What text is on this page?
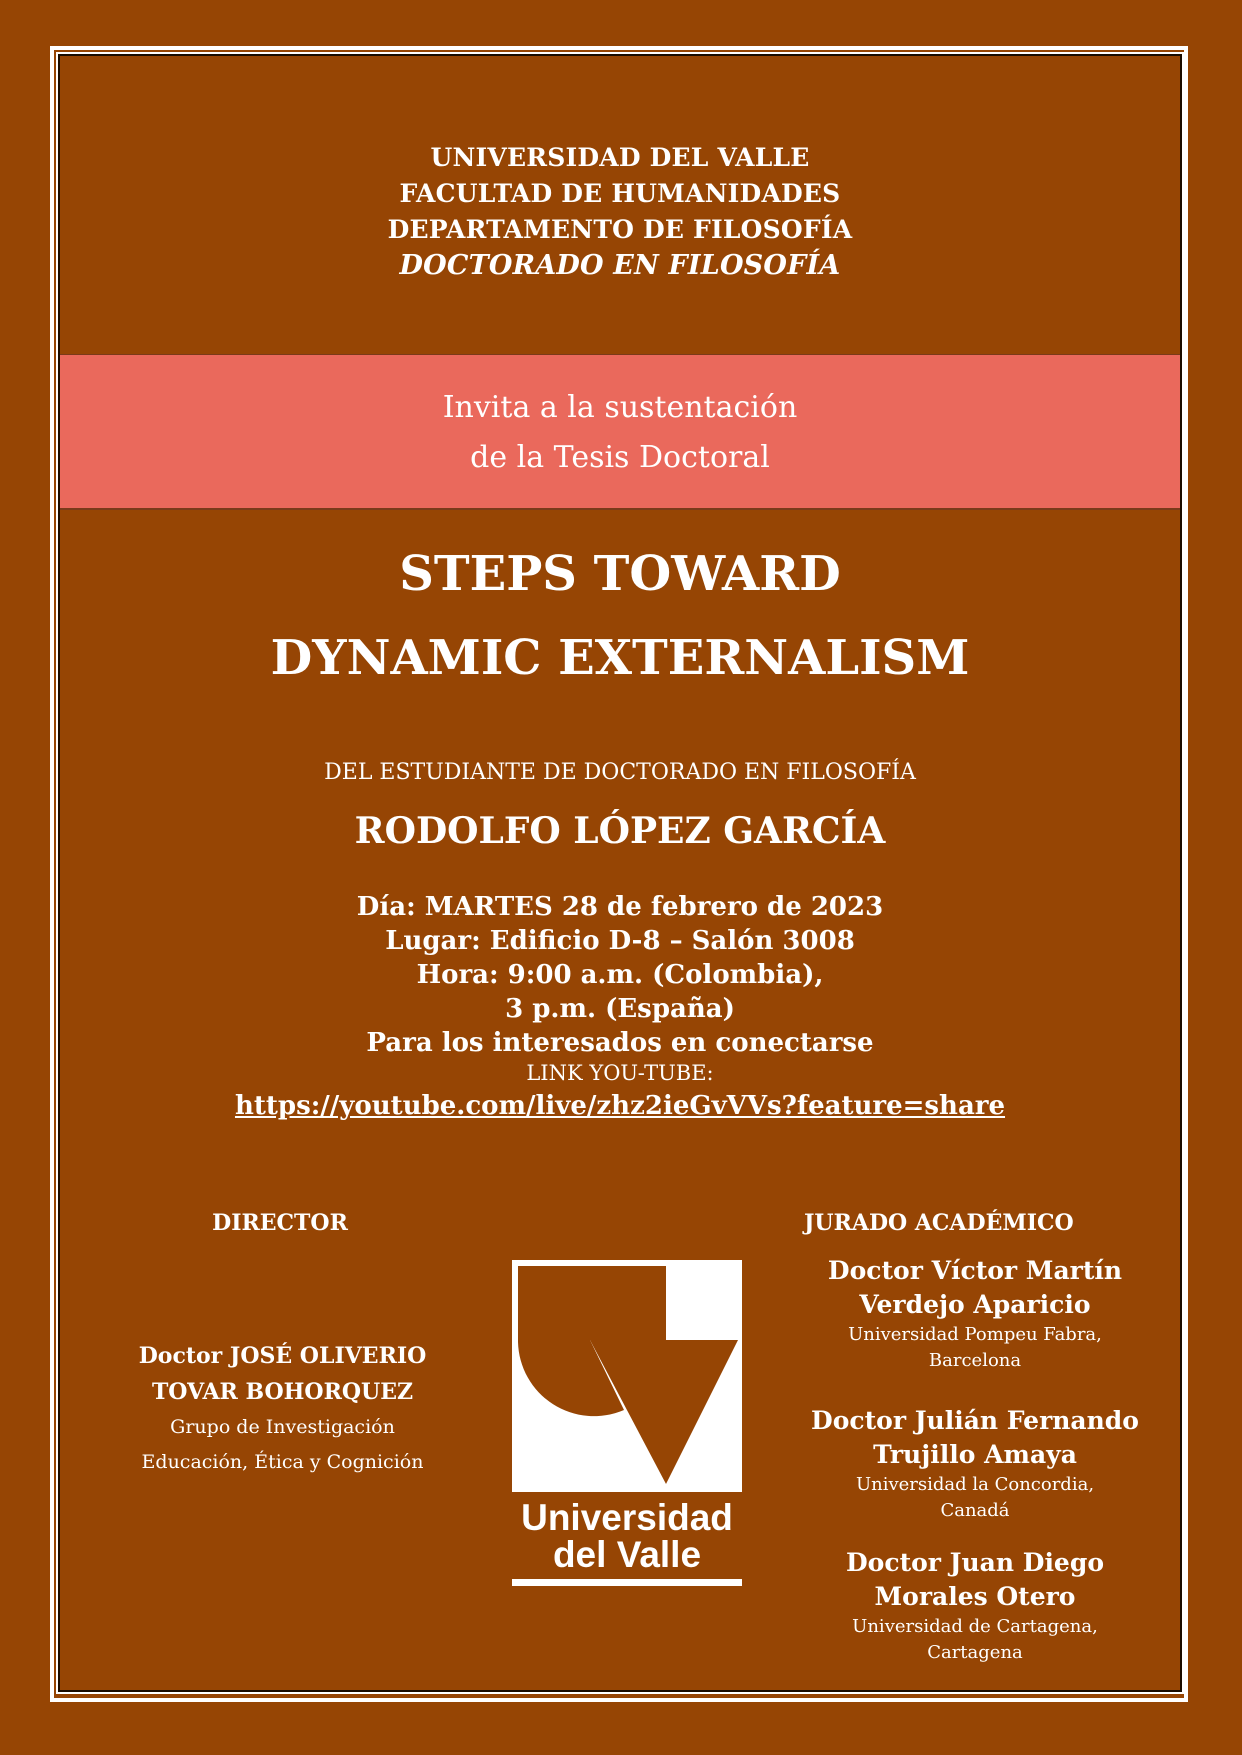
UNIVERSIDAD DEL VALLE
FACULTAD DE HUMANIDADES
DEPARTAMENTO DE FILOSOFÍA
DOCTORADO EN FILOSOFÍA
Invita a la sustentación
de la Tesis Doctoral
STEPS TOWARD
DYNAMIC EXTERNALISM
DEL ESTUDIANTE DE DOCTORADO EN FILOSOFÍA
RODOLFO LÓPEZ GARCÍA
Día: MARTES 28 de febrero de 2023
Lugar: Edificio D-8 – Salón 3008
Hora: 9:00 a.m. (Colombia),
3 p.m. (España)
Para los interesados en conectarse
LINK YOU-TUBE:
https://youtube.com/live/zhz2ieGvVVs?feature=share
DIRECTOR
Doctor JOSÉ OLIVERIO
TOVAR BOHORQUEZ
Grupo de Investigación
Educación, Ética y Cognición
Universidad
del Valle
JURADO ACADÉMICO
Doctor Víctor Martín
Verdejo Aparicio
Universidad Pompeu Fabra,
Barcelona
Doctor Julián Fernando
Trujillo Amaya
Universidad la Concordia,
Canadá
Doctor Juan Diego
Morales Otero
Universidad de Cartagena,
Cartagena
